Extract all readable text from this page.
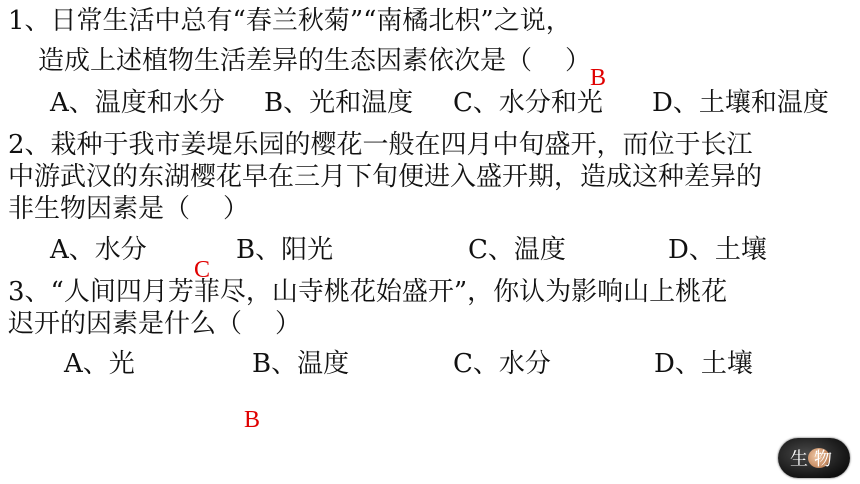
1、日常生活中总有“春兰秋菊”“南橘北枳”之说，
造成上述植物生活差异的生态因素依次是（    ）
B
A、温度和水分 B、光和温度 C、水分和光 D、土壤和温度
2、栽种于我市姜堤乐园的樱花一般在四月中旬盛开，而位于长江
中游武汉的东湖樱花早在三月下旬便进入盛开期，造成这种差异的
非生物因素是（    ）
A、水分	B、阳光	C、温度	D、土壤
C
3、“人间四月芳菲尽，山寺桃花始盛开”，你认为影响山上桃花
迟开的因素是什么（    ）
A、光	B、温度	C、水分	D、土壤
B
生物
